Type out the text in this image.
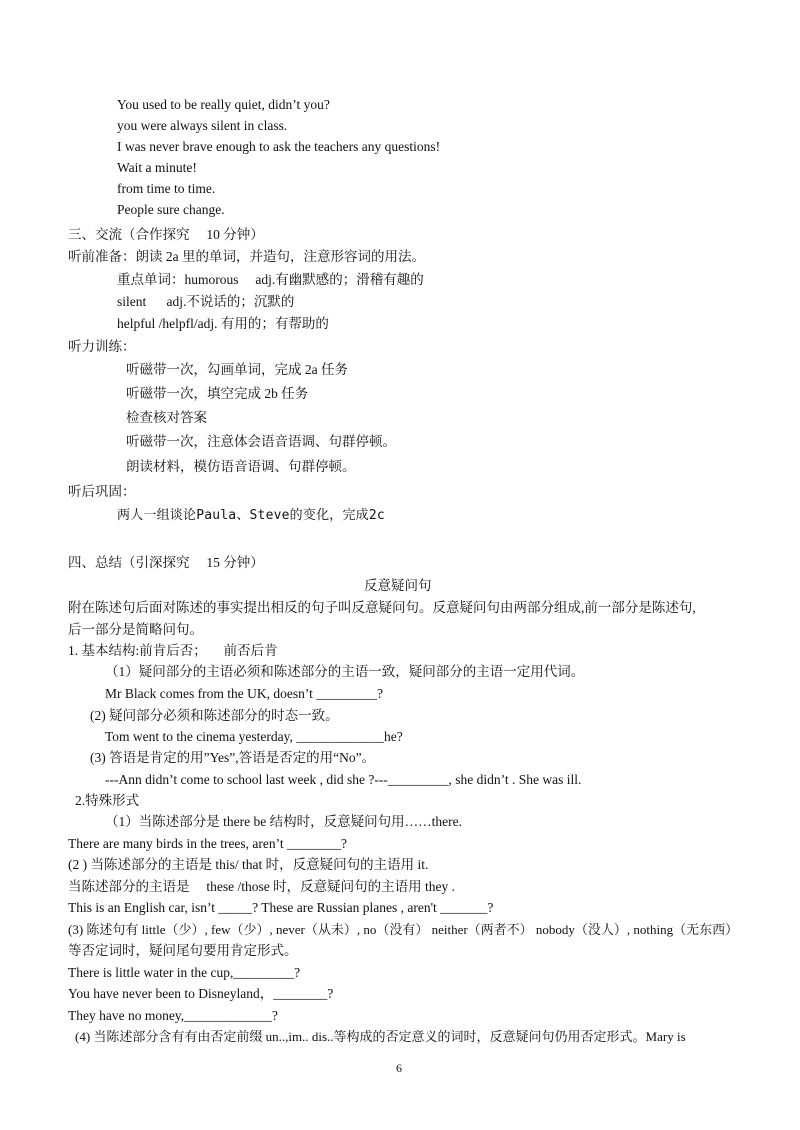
You used to be really quiet, didn’t you?
you were always silent in class.
I was never brave enough to ask the teachers any questions!
Wait a minute!
from time to time.
People sure change.
三、交流（合作探究 　10 分钟）
听前准备：朗读 2a 里的单词，并造句，注意形容词的用法。
重点单词：humorous 　adj.有幽默感的；滑稽有趣的
silent 　 adj.不说话的；沉默的
helpful /helpfl/adj. 有用的；有帮助的
听力训练：
听磁带一次，勾画单词，完成 2a 任务
听磁带一次，填空完成 2b 任务
检查核对答案
听磁带一次，注意体会语音语调、句群停顿。
朗读材料，模仿语音语调、句群停顿。
听后巩固：
两人一组谈论Paula、Steve的变化，完成2c
四、总结（引深探究 　15 分钟）
反意疑问句
附在陈述句后面对陈述的事实提出相反的句子叫反意疑问句。反意疑问句由两部分组成,前一部分是陈述句,
后一部分是简略问句。
1. 基本结构:前肯后否； 　前否后肯
（1）疑问部分的主语必须和陈述部分的主语一致，疑问部分的主语一定用代词。
Mr Black comes from the UK, doesn’t _________?
(2) 疑问部分必须和陈述部分的时态一致。
Tom went to the cinema yesterday, _____________he?
(3) 答语是肯定的用”Yes”,答语是否定的用“No”。
---Ann didn’t come to school last week , did she ?---_________, she didn’t . She was ill.
2.特殊形式
（1）当陈述部分是 there be 结构时，反意疑问句用……there.
There are many birds in the trees, aren’t ________?
(2 ) 当陈述部分的主语是 this/ that 时，反意疑问句的主语用 it.
当陈述部分的主语是 　these /those 时，反意疑问句的主语用 they .
This is an English car, isn’t _____? These are Russian planes , aren't _______?
(3) 陈述句有 little（少）, few（少）, never（从未）, no（没有） neither（两者不） nobody（没人）, nothing（无东西）
等否定词时，疑问尾句要用肯定形式。
There is little water in the cup,_________?
You have never been to Disneyland，________?
They have no money,_____________?
(4) 当陈述部分含有有由否定前缀 un..,im.. dis..等构成的否定意义的词时，反意疑问句仍用否定形式。Mary is
6
